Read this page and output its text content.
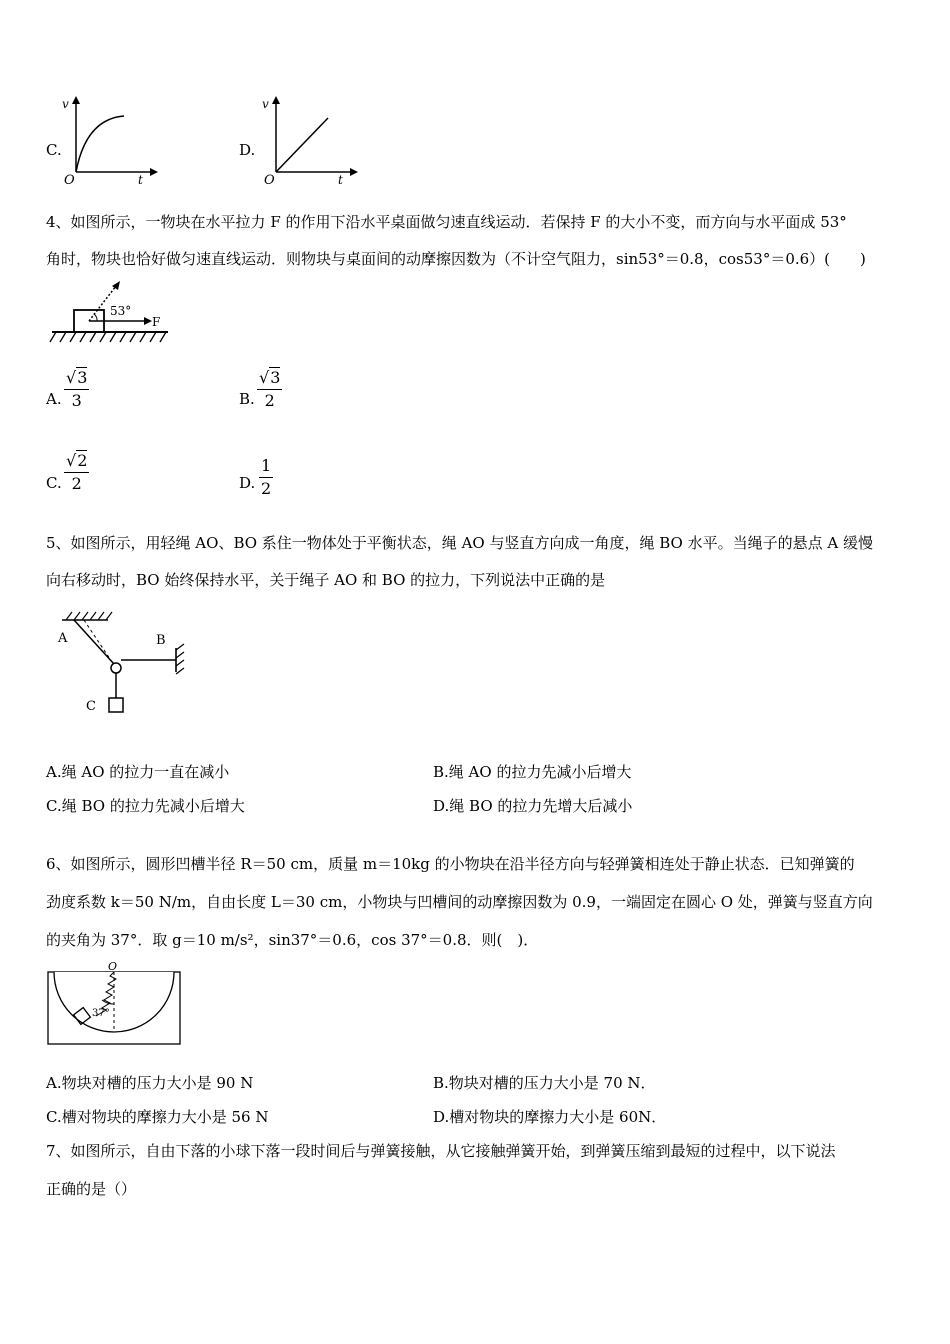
C.
v
t
O
D.
v
t
O
4、如图所示，一物块在水平拉力 F 的作用下沿水平桌面做匀速直线运动．若保持 F 的大小不变，而方向与水平面成 53°
角时，物块也恰好做匀速直线运动．则物块与桌面间的动摩擦因数为（不计空气阻力，sin53°＝0.8，cos53°＝0.6）(　　)
53°
F
A. $\frac{√3}{3}$	B. $\frac{√3}{2}$
C. $\frac{√2}{2}$	D. $\frac{1}{2}$
5、如图所示，用轻绳 AO、BO 系住一物体处于平衡状态，绳 AO 与竖直方向成一角度，绳 BO 水平。当绳子的悬点 A 缓慢
向右移动时，BO 始终保持水平，关于绳子 AO 和 BO 的拉力，下列说法中正确的是
A	B
C
A.绳 AO 的拉力一直在减小	B.绳 AO 的拉力先减小后增大
C.绳 BO 的拉力先减小后增大	D.绳 BO 的拉力先增大后减小
6、如图所示，圆形凹槽半径 R＝50 cm，质量 m＝10kg 的小物块在沿半径方向与轻弹簧相连处于静止状态．已知弹簧的
劲度系数 k＝50 N/m，自由长度 L＝30 cm，小物块与凹槽间的动摩擦因数为 0.9，一端固定在圆心 O 处，弹簧与竖直方向
的夹角为 37°．取 g＝10 m/s²，sin37°＝0.6，cos 37°＝0.8．则(　)．
O
37°
A.物块对槽的压力大小是 90 N	B.物块对槽的压力大小是 70 N．
C.槽对物块的摩擦力大小是 56 N	D.槽对物块的摩擦力大小是 60N．
7、如图所示，自由下落的小球下落一段时间后与弹簧接触，从它接触弹簧开始，到弹簧压缩到最短的过程中，以下说法
正确的是（）
